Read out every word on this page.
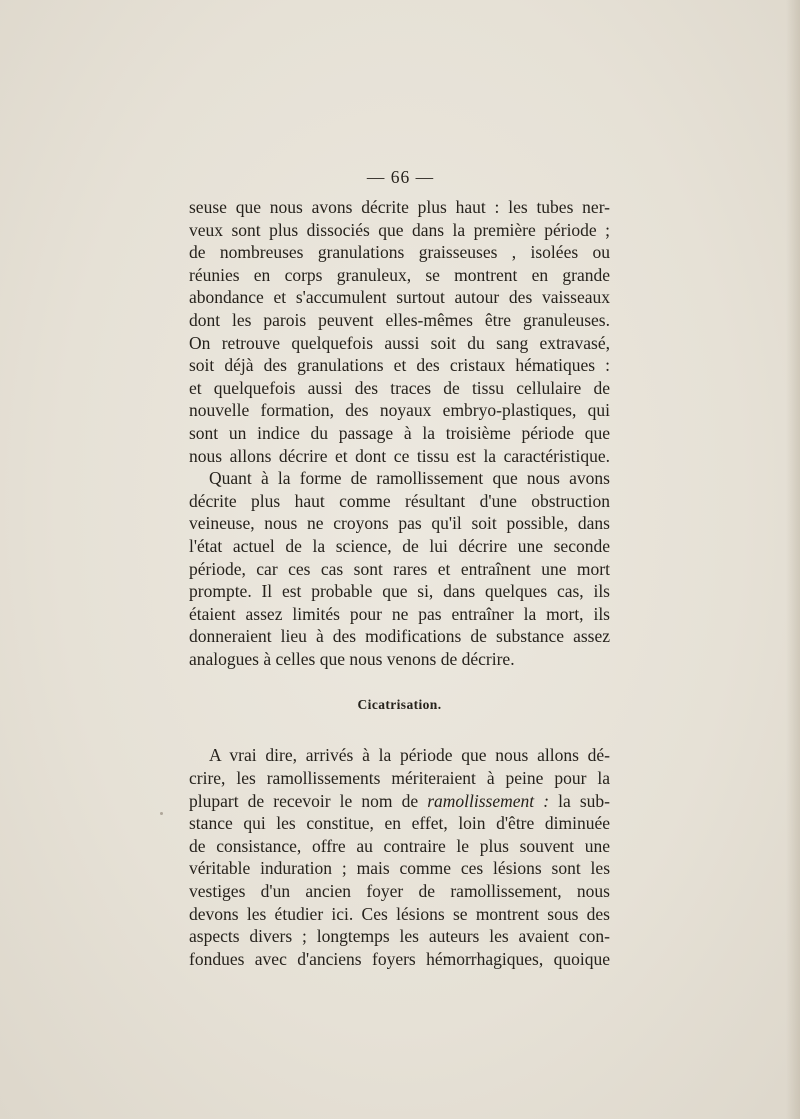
— 66 —
seuse que nous avons décrite plus haut : les tubes ner-
veux sont plus dissociés que dans la première période ;
de nombreuses granulations graisseuses , isolées ou
réunies en corps granuleux, se montrent en grande
abondance et s'accumulent surtout autour des vaisseaux
dont les parois peuvent elles-mêmes être granuleuses.
On retrouve quelquefois aussi soit du sang extravasé,
soit déjà des granulations et des cristaux hématiques :
et quelquefois aussi des traces de tissu cellulaire de
nouvelle formation, des noyaux embryo-plastiques, qui
sont un indice du passage à la troisième période que
nous allons décrire et dont ce tissu est la caractéristique.
Quant à la forme de ramollissement que nous avons
décrite plus haut comme résultant d'une obstruction
veineuse, nous ne croyons pas qu'il soit possible, dans
l'état actuel de la science, de lui décrire une seconde
période, car ces cas sont rares et entraînent une mort
prompte. Il est probable que si, dans quelques cas, ils
étaient assez limités pour ne pas entraîner la mort, ils
donneraient lieu à des modifications de substance assez
analogues à celles que nous venons de décrire.
Cicatrisation.
A vrai dire, arrivés à la période que nous allons dé-
crire, les ramollissements mériteraient à peine pour la
plupart de recevoir le nom de ramollissement : la sub-
stance qui les constitue, en effet, loin d'être diminuée
de consistance, offre au contraire le plus souvent une
véritable induration ; mais comme ces lésions sont les
vestiges d'un ancien foyer de ramollissement, nous
devons les étudier ici. Ces lésions se montrent sous des
aspects divers ; longtemps les auteurs les avaient con-
fondues avec d'anciens foyers hémorrhagiques, quoique
